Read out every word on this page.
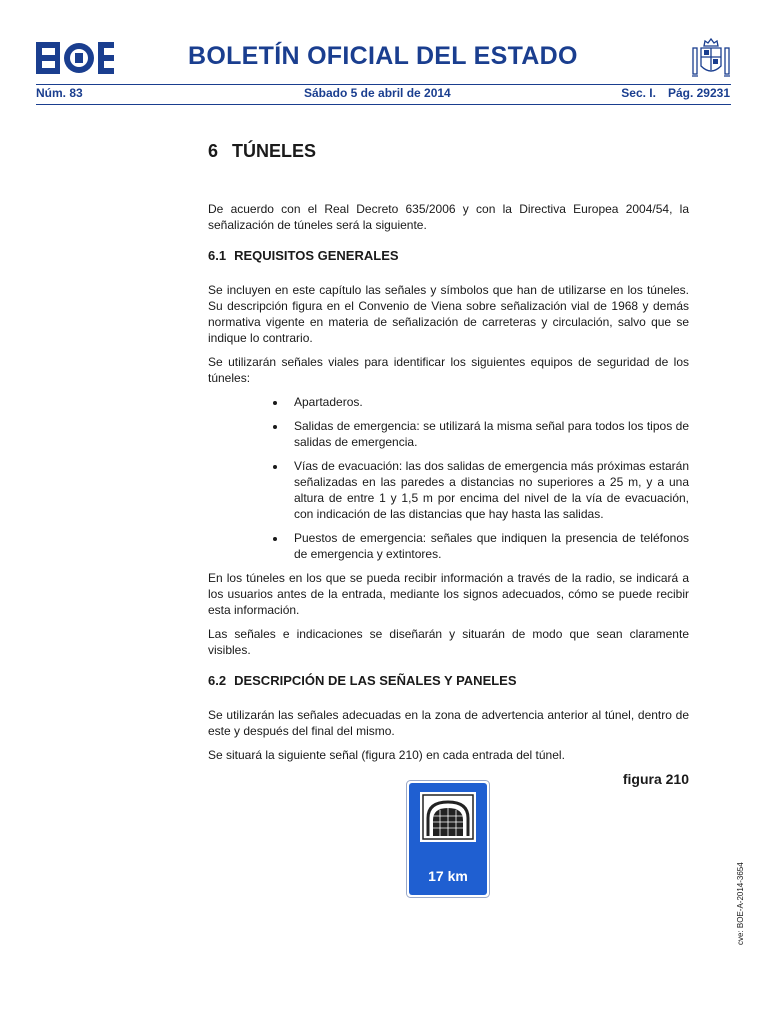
BOLETÍN OFICIAL DEL ESTADO
Núm. 83	Sábado 5 de abril de 2014	Sec. I. Pág. 29231
6 TÚNELES

De acuerdo con el Real Decreto 635/2006 y con la Directiva Europea 2004/54, la señalización de túneles será la siguiente.

6.1 REQUISITOS GENERALES

Se incluyen en este capítulo las señales y símbolos que han de utilizarse en los túneles. Su descripción figura en el Convenio de Viena sobre señalización vial de 1968 y demás normativa vigente en materia de señalización de carreteras y circulación, salvo que se indique lo contrario.

Se utilizarán señales viales para identificar los siguientes equipos de seguridad de los túneles:

Apartaderos.
Salidas de emergencia: se utilizará la misma señal para todos los tipos de salidas de emergencia.
Vías de evacuación: las dos salidas de emergencia más próximas estarán señalizadas en las paredes a distancias no superiores a 25 m, y a una altura de entre 1 y 1,5 m por encima del nivel de la vía de evacuación, con indicación de las distancias que hay hasta las salidas.
Puestos de emergencia: señales que indiquen la presencia de teléfonos de emergencia y extintores.

En los túneles en los que se pueda recibir información a través de la radio, se indicará a los usuarios antes de la entrada, mediante los signos adecuados, cómo se puede recibir esta información.

Las señales e indicaciones se diseñarán y situarán de modo que sean claramente visibles.

6.2 DESCRIPCIÓN DE LAS SEÑALES Y PANELES

Se utilizarán las señales adecuadas en la zona de advertencia anterior al túnel, dentro de este y después del final del mismo.

Se situará la siguiente señal (figura 210) en cada entrada del túnel.

figura 210
17 km	cve: BOE-A-2014-3654
